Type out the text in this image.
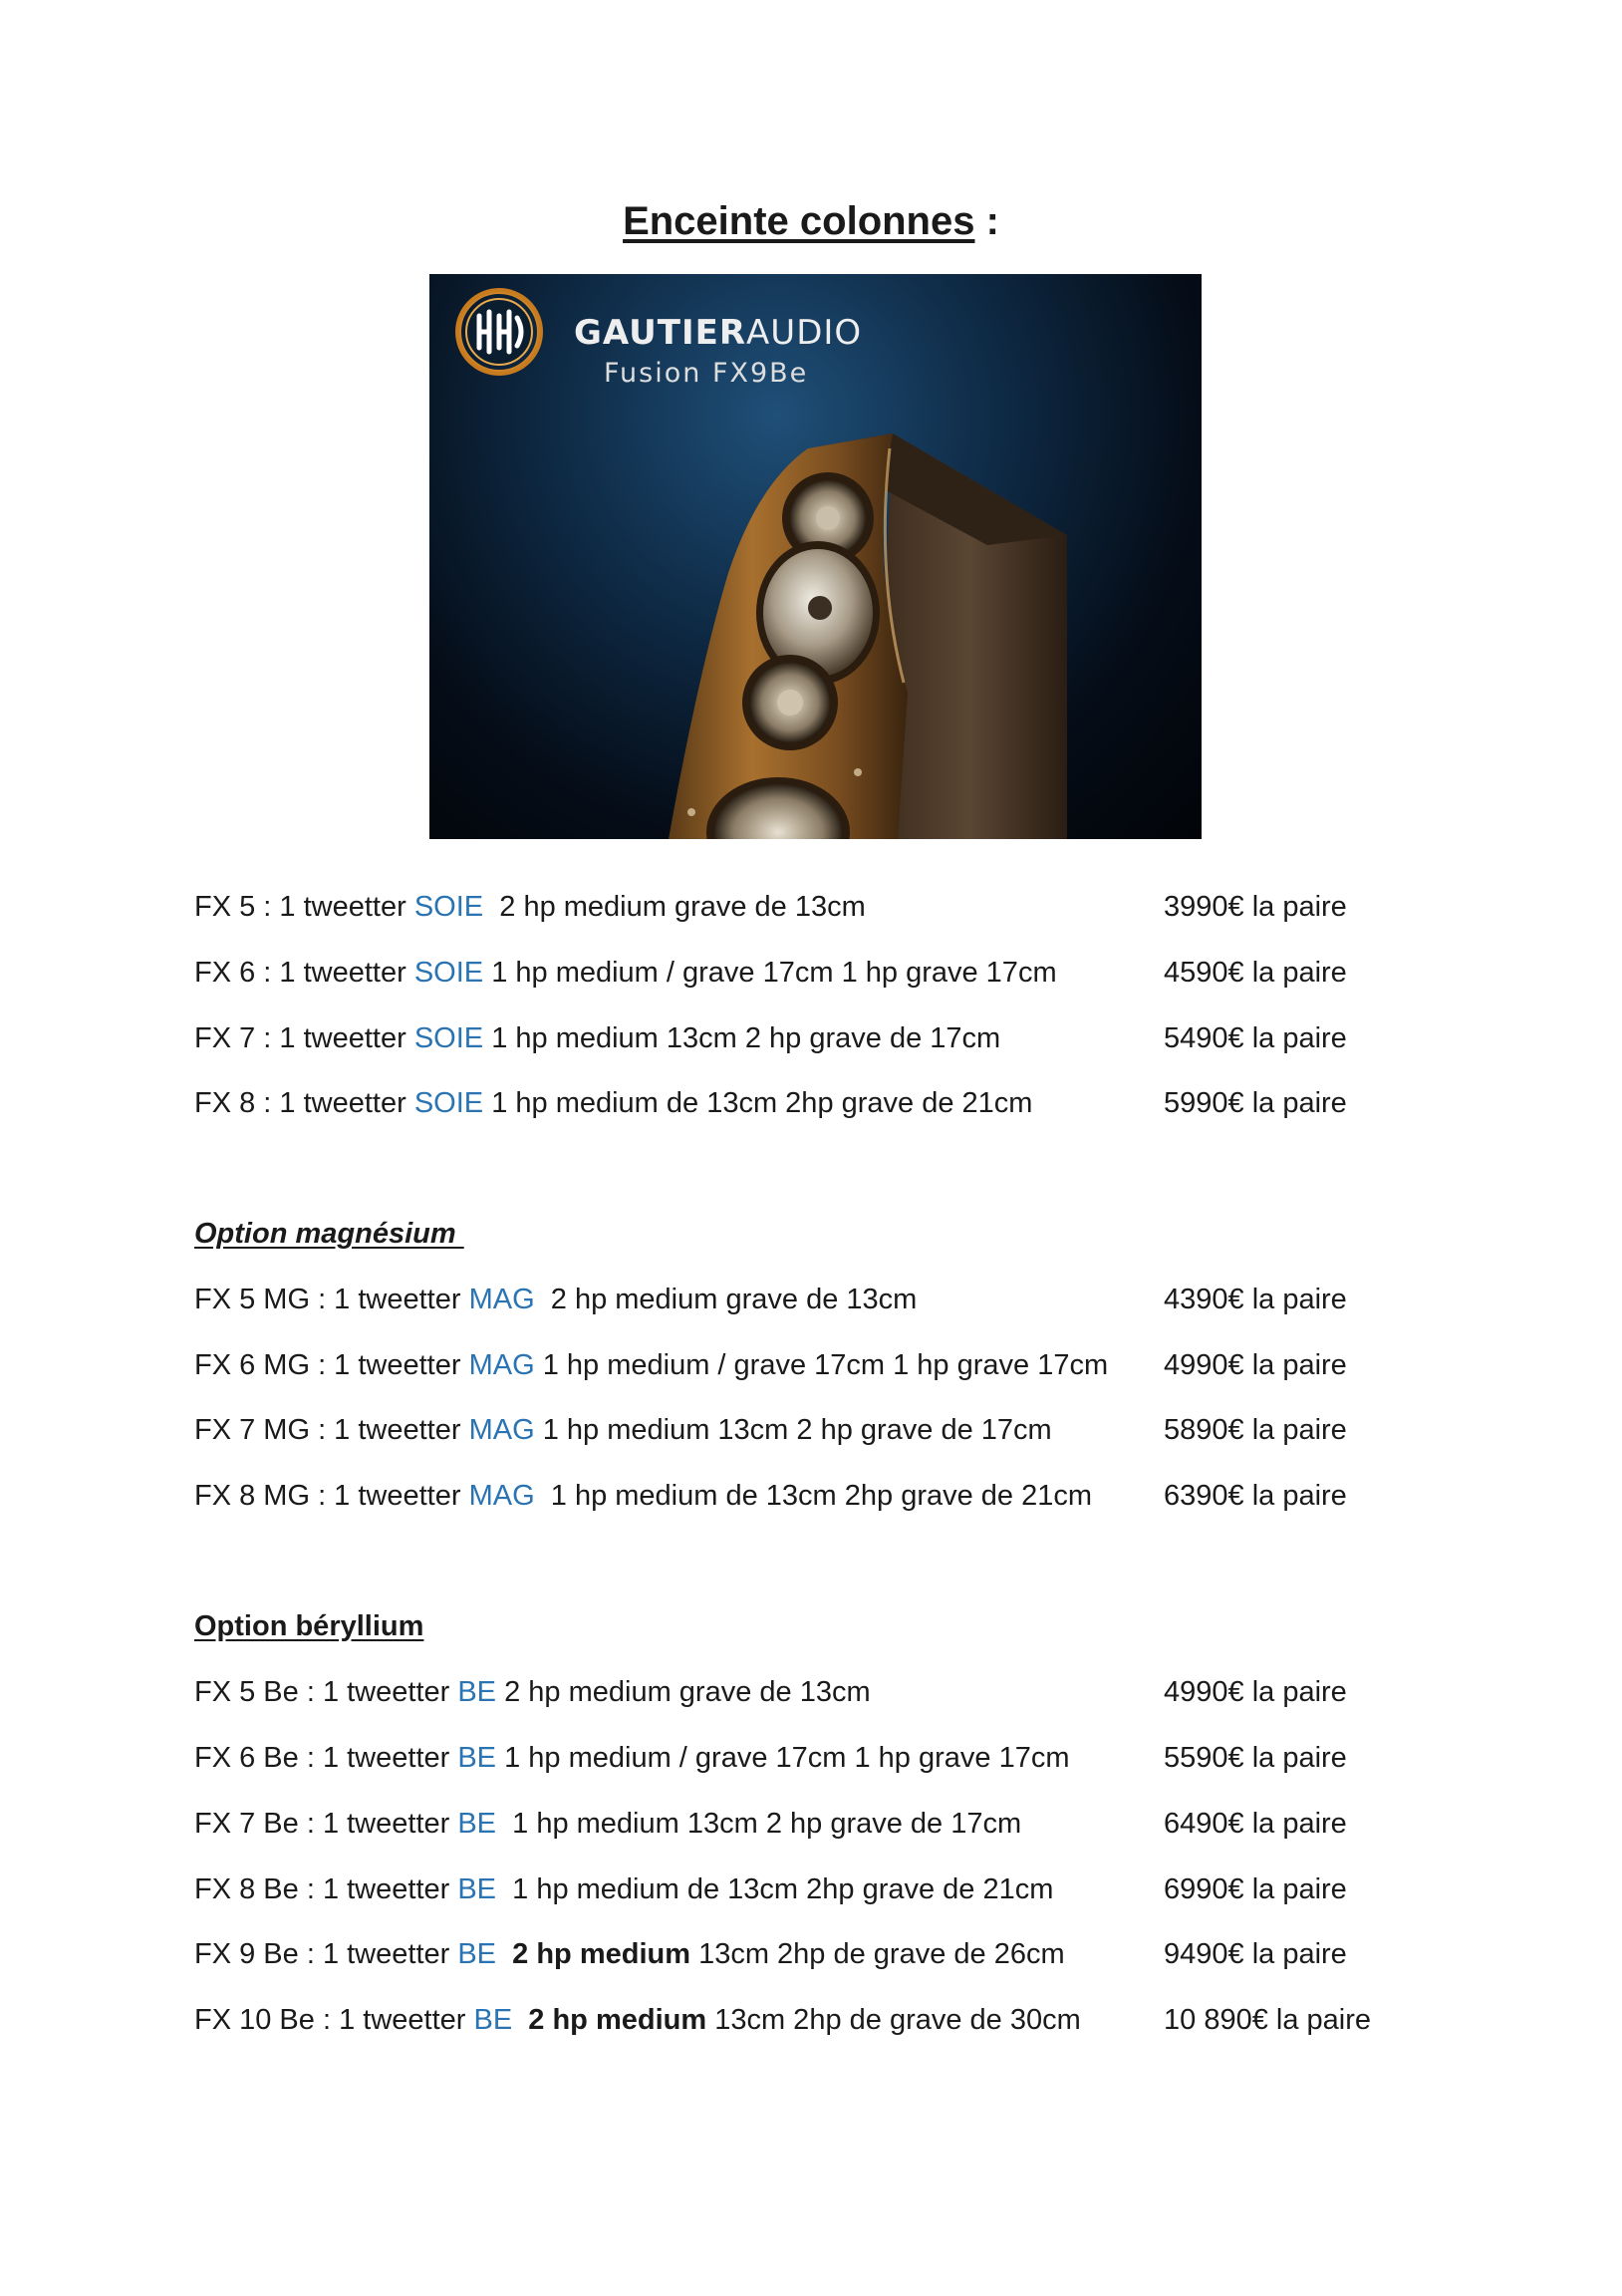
Enceinte colonnes :
GAUTIERAUDIO
Fusion FX9Be
FX 5 : 1 tweetter SOIE  2 hp medium grave de 13cm	3990€ la paire
FX 6 : 1 tweetter SOIE 1 hp medium / grave 17cm 1 hp grave 17cm	4590€ la paire
FX 7 : 1 tweetter SOIE 1 hp medium 13cm 2 hp grave de 17cm	5490€ la paire
FX 8 : 1 tweetter SOIE 1 hp medium de 13cm 2hp grave de 21cm	5990€ la paire
Option magnésium
FX 5 MG : 1 tweetter MAG  2 hp medium grave de 13cm	4390€ la paire
FX 6 MG : 1 tweetter MAG 1 hp medium / grave 17cm 1 hp grave 17cm 4990€ la paire
FX 7 MG : 1 tweetter MAG 1 hp medium 13cm 2 hp grave de 17cm	5890€ la paire
FX 8 MG : 1 tweetter MAG  1 hp medium de 13cm 2hp grave de 21cm 6390€ la paire
Option béryllium
FX 5 Be : 1 tweetter BE 2 hp medium grave de 13cm	4990€ la paire
FX 6 Be : 1 tweetter BE 1 hp medium / grave 17cm 1 hp grave 17cm	5590€ la paire
FX 7 Be : 1 tweetter BE  1 hp medium 13cm 2 hp grave de 17cm	6490€ la paire
FX 8 Be : 1 tweetter BE  1 hp medium de 13cm 2hp grave de 21cm	6990€ la paire
FX 9 Be : 1 tweetter BE  2 hp medium 13cm 2hp de grave de 26cm	9490€ la paire
FX 10 Be : 1 tweetter BE  2 hp medium 13cm 2hp de grave de 30cm	10 890€ la paire
